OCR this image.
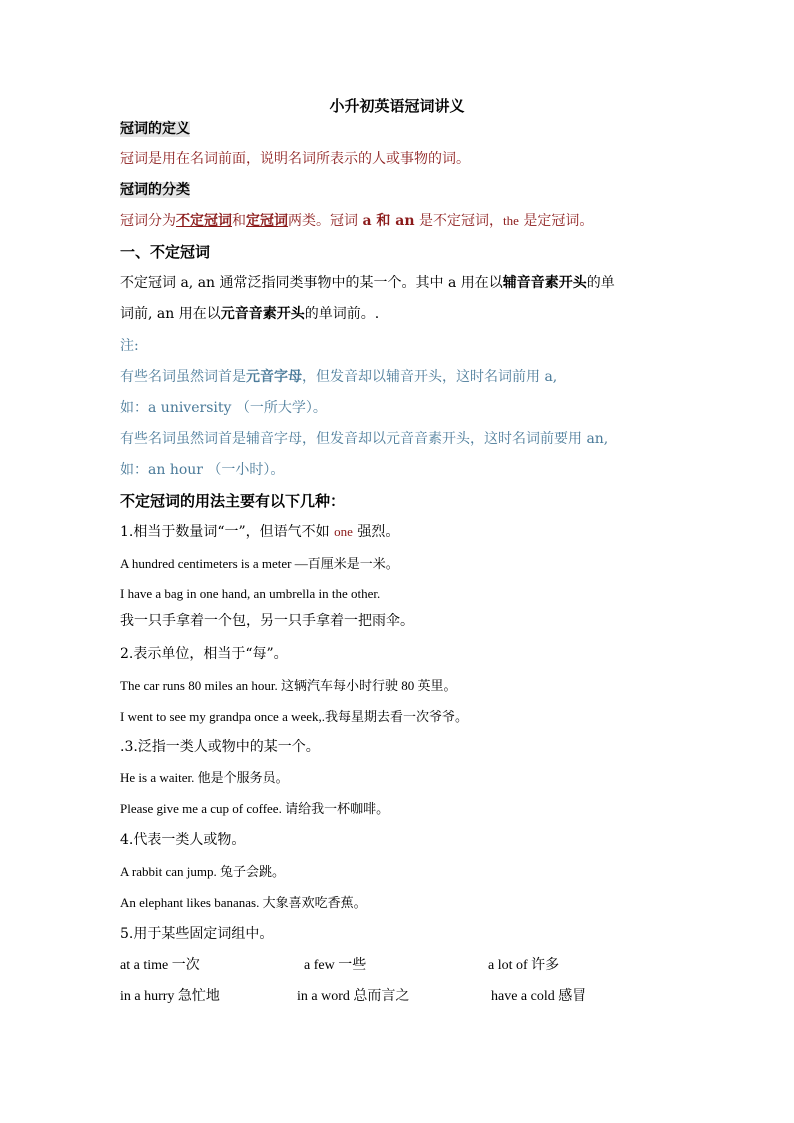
小升初英语冠词讲义
冠词的定义
冠词是用在名词前面，说明名词所表示的人或事物的词。
冠词的分类
冠词分为不定冠词和定冠词两类。冠词 a 和 an 是不定冠词，the 是定冠词。
一、不定冠词
不定冠词 a, an 通常泛指同类事物中的某一个。其中 a 用在以辅音音素开头的单
词前, an 用在以元音音素开头的单词前。.
注:
有些名词虽然词首是元音字母，但发音却以辅音开头，这时名词前用 a,
如：a university （一所大学）。
有些名词虽然词首是辅音字母，但发音却以元音音素开头，这时名词前要用 an,
如：an hour （一小时）。
不定冠词的用法主要有以下几种：
1.相当于数量词“一”，但语气不如 one 强烈。
A hundred centimeters is a meter —百厘米是一米。
I have a bag in one hand, an umbrella in the other.
我一只手拿着一个包，另一只手拿着一把雨伞。
2.表示单位，相当于“每”。
The car runs 80 miles an hour. 这辆汽车每小时行驶 80 英里。
I went to see my grandpa once a week,.我每星期去看一次爷爷。
.3.泛指一类人或物中的某一个。
He is a waiter. 他是个服务员。
Please give me a cup of coffee. 请给我一杯咖啡。
4.代表一类人或物。
A rabbit can jump. 兔子会跳。
An elephant likes bananas. 大象喜欢吃香蕉。
5.用于某些固定词组中。
at a time 一次	a few 一些	a lot of 许多
in a hurry 急忙地	in a word 总而言之	have a cold 感冒
